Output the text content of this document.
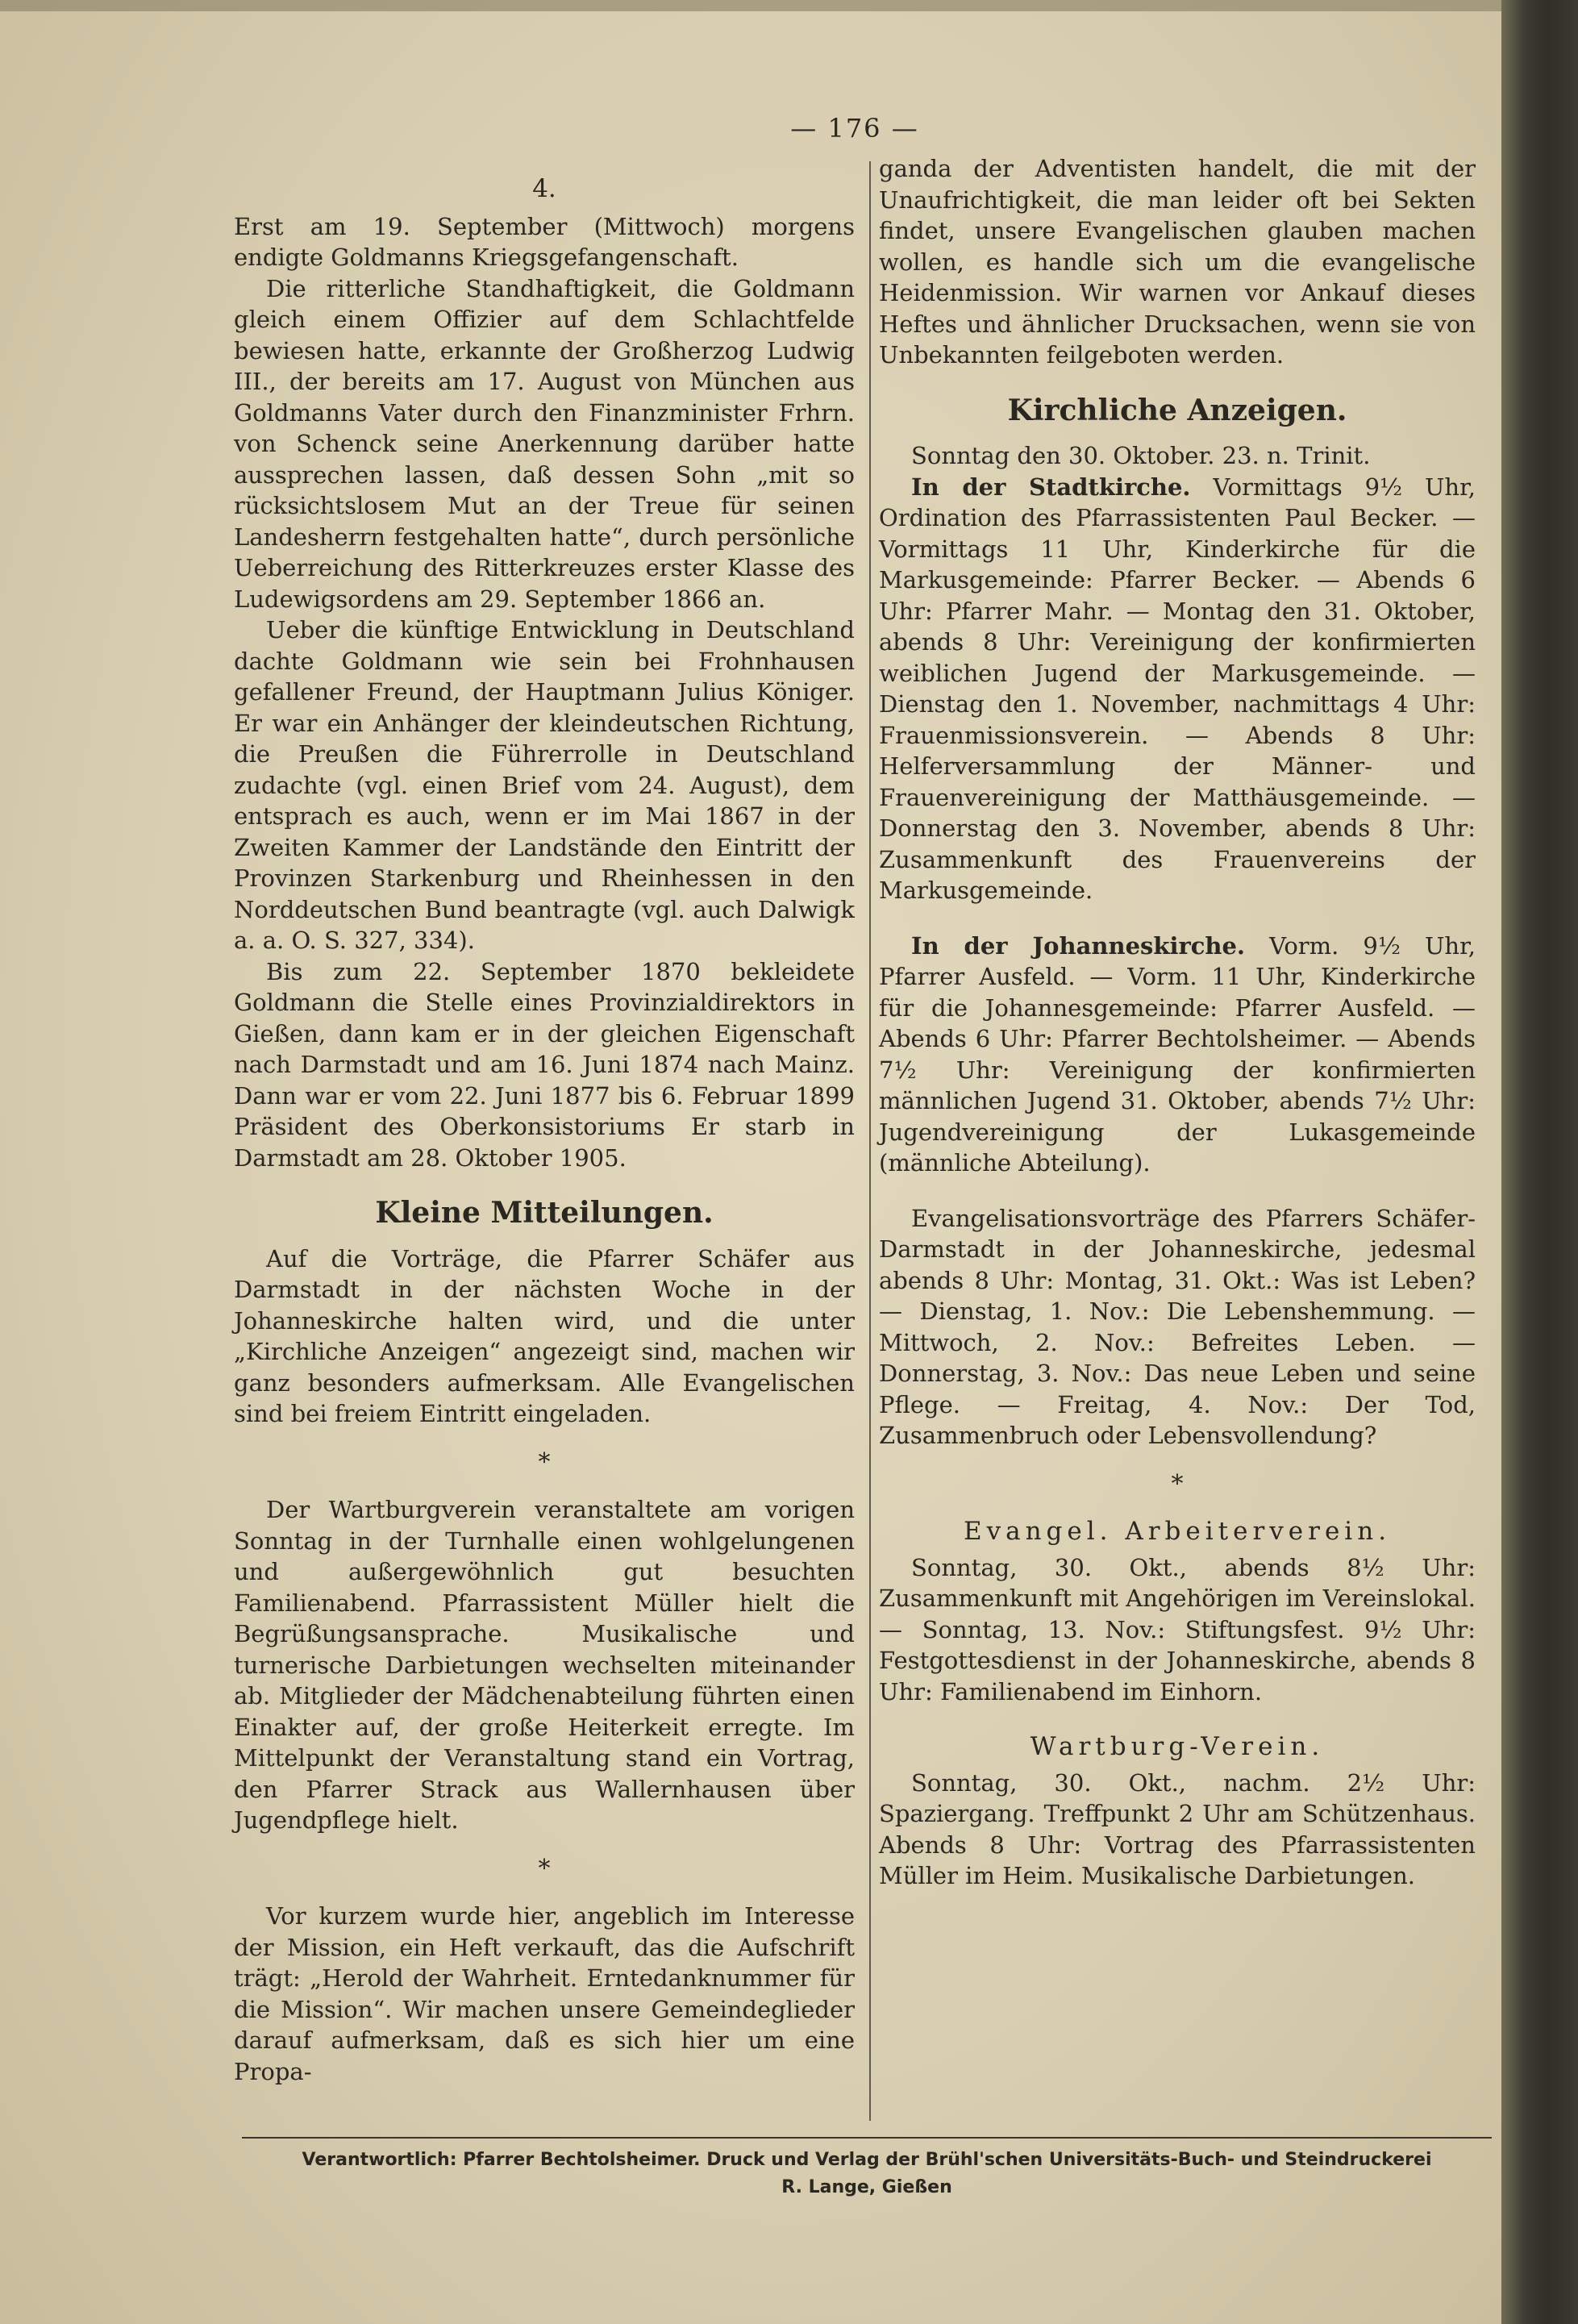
— 176 —
4.

Erst am 19. September (Mittwoch) morgens endigte Goldmanns Kriegsgefangenschaft.

Die ritterliche Standhaftigkeit, die Goldmann gleich einem Offizier auf dem Schlachtfelde bewiesen hatte, erkannte der Großherzog Ludwig III., der bereits am 17. August von München aus Goldmanns Vater durch den Finanzminister Frhrn. von Schenck seine Anerkennung darüber hatte aussprechen lassen, daß dessen Sohn „mit so rücksichtslosem Mut an der Treue für seinen Landesherrn festgehalten hatte“, durch persönliche Ueberreichung des Ritterkreuzes erster Klasse des Ludewigsordens am 29. September 1866 an.

Ueber die künftige Entwicklung in Deutschland dachte Goldmann wie sein bei Frohnhausen gefallener Freund, der Hauptmann Julius Königer. Er war ein Anhänger der kleindeutschen Richtung, die Preußen die Führerrolle in Deutschland zudachte (vgl. einen Brief vom 24. August), dem entsprach es auch, wenn er im Mai 1867 in der Zweiten Kammer der Landstände den Eintritt der Provinzen Starkenburg und Rheinhessen in den Norddeutschen Bund beantragte (vgl. auch Dalwigk a. a. O. S. 327, 334).

Bis zum 22. September 1870 bekleidete Goldmann die Stelle eines Provinzialdirektors in Gießen, dann kam er in der gleichen Eigenschaft nach Darmstadt und am 16. Juni 1874 nach Mainz. Dann war er vom 22. Juni 1877 bis 6. Februar 1899 Präsident des Oberkonsistoriums Er starb in Darmstadt am 28. Oktober 1905.

Kleine Mitteilungen.

Auf die Vorträge, die Pfarrer Schäfer aus Darmstadt in der nächsten Woche in der Johanneskirche halten wird, und die unter „Kirchliche Anzeigen“ angezeigt sind, machen wir ganz besonders aufmerksam. Alle Evangelischen sind bei freiem Eintritt eingeladen.

*

Der Wartburgverein veranstaltete am vorigen Sonntag in der Turnhalle einen wohlgelungenen und außergewöhnlich gut besuchten Familienabend. Pfarrassistent Müller hielt die Begrüßungsansprache. Musikalische und turnerische Darbietungen wechselten miteinander ab. Mitglieder der Mädchenabteilung führten einen Einakter auf, der große Heiterkeit erregte. Im Mittelpunkt der Veranstaltung stand ein Vortrag, den Pfarrer Strack aus Wallernhausen über Jugendpflege hielt.

*

Vor kurzem wurde hier, angeblich im Interesse der Mission, ein Heft verkauft, das die Aufschrift trägt: „Herold der Wahrheit. Erntedanknummer für die Mission“. Wir machen unsere Gemeindeglieder darauf aufmerksam, daß es sich hier um eine Propa-

ganda der Adventisten handelt, die mit der Unaufrichtigkeit, die man leider oft bei Sekten findet, unsere Evangelischen glauben machen wollen, es handle sich um die evangelische Heidenmission. Wir warnen vor Ankauf dieses Heftes und ähnlicher Drucksachen, wenn sie von Unbekannten feilgeboten werden.

Kirchliche Anzeigen.

Sonntag den 30. Oktober. 23. n. Trinit.

In der Stadtkirche. Vormittags 9½ Uhr, Ordination des Pfarrassistenten Paul Becker. — Vormittags 11 Uhr, Kinderkirche für die Markusgemeinde: Pfarrer Becker. — Abends 6 Uhr: Pfarrer Mahr. — Montag den 31. Oktober, abends 8 Uhr: Vereinigung der konfirmierten weiblichen Jugend der Markusgemeinde. — Dienstag den 1. November, nachmittags 4 Uhr: Frauenmissionsverein. — Abends 8 Uhr: Helferversammlung der Männer- und Frauenvereinigung der Matthäusgemeinde. — Donnerstag den 3. November, abends 8 Uhr: Zusammenkunft des Frauenvereins der Markusgemeinde.

In der Johanneskirche. Vorm. 9½ Uhr, Pfarrer Ausfeld. — Vorm. 11 Uhr, Kinderkirche für die Johannesgemeinde: Pfarrer Ausfeld. — Abends 6 Uhr: Pfarrer Bechtolsheimer. — Abends 7½ Uhr: Vereinigung der konfirmierten männlichen Jugend 31. Oktober, abends 7½ Uhr: Jugendvereinigung der Lukasgemeinde (männliche Abteilung).

Evangelisationsvorträge des Pfarrers Schäfer-Darmstadt in der Johanneskirche, jedesmal abends 8 Uhr: Montag, 31. Okt.: Was ist Leben? — Dienstag, 1. Nov.: Die Lebenshemmung. — Mittwoch, 2. Nov.: Befreites Leben. — Donnerstag, 3. Nov.: Das neue Leben und seine Pflege. — Freitag, 4. Nov.: Der Tod, Zusammenbruch oder Lebensvollendung?

*
Evangel. Arbeiterverein.

Sonntag, 30. Okt., abends 8½ Uhr: Zusammenkunft mit Angehörigen im Vereinslokal. — Sonntag, 13. Nov.: Stiftungsfest. 9½ Uhr: Festgottesdienst in der Johanneskirche, abends 8 Uhr: Familienabend im Einhorn.

Wartburg-Verein.

Sonntag, 30. Okt., nachm. 2½ Uhr: Spaziergang. Treffpunkt 2 Uhr am Schützenhaus. Abends 8 Uhr: Vortrag des Pfarrassistenten Müller im Heim. Musikalische Darbietungen.

Verantwortlich: Pfarrer Bechtolsheimer. Druck und Verlag der Brühl'schen Universitäts-Buch- und Steindruckerei
R. Lange, Gießen
